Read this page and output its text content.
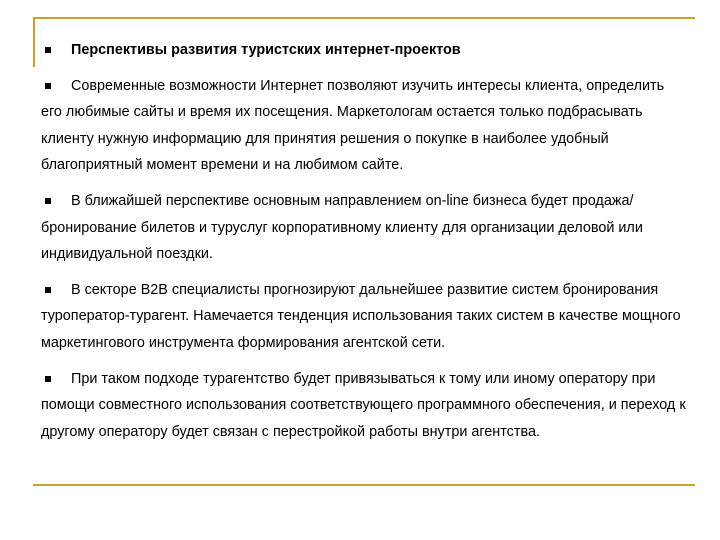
Перспективы развития туристских интернет-проектов
Современные возможности Интернет позволяют изучить интересы клиента, определить его любимые сайты и время их посещения. Маркетологам остается только подбрасывать клиенту нужную информацию для принятия решения о покупке в наиболее удобный благоприятный момент времени и на любимом сайте.
В ближайшей перспективе основным направлением on-line бизнеса будет продажа/бронирование билетов и туруслуг корпоративному клиенту для организации деловой или индивидуальной поездки.
В секторе B2B специалисты прогнозируют дальнейшее развитие систем бронирования туроператор-турагент. Намечается тенденция использования таких систем в качестве мощного маркетингового инструмента формирования агентской сети.
При таком подходе турагентство будет привязываться к тому или иному оператору при помощи совместного использования соответствующего программного обеспечения, и переход к другому оператору будет связан с перестройкой работы внутри агентства.
